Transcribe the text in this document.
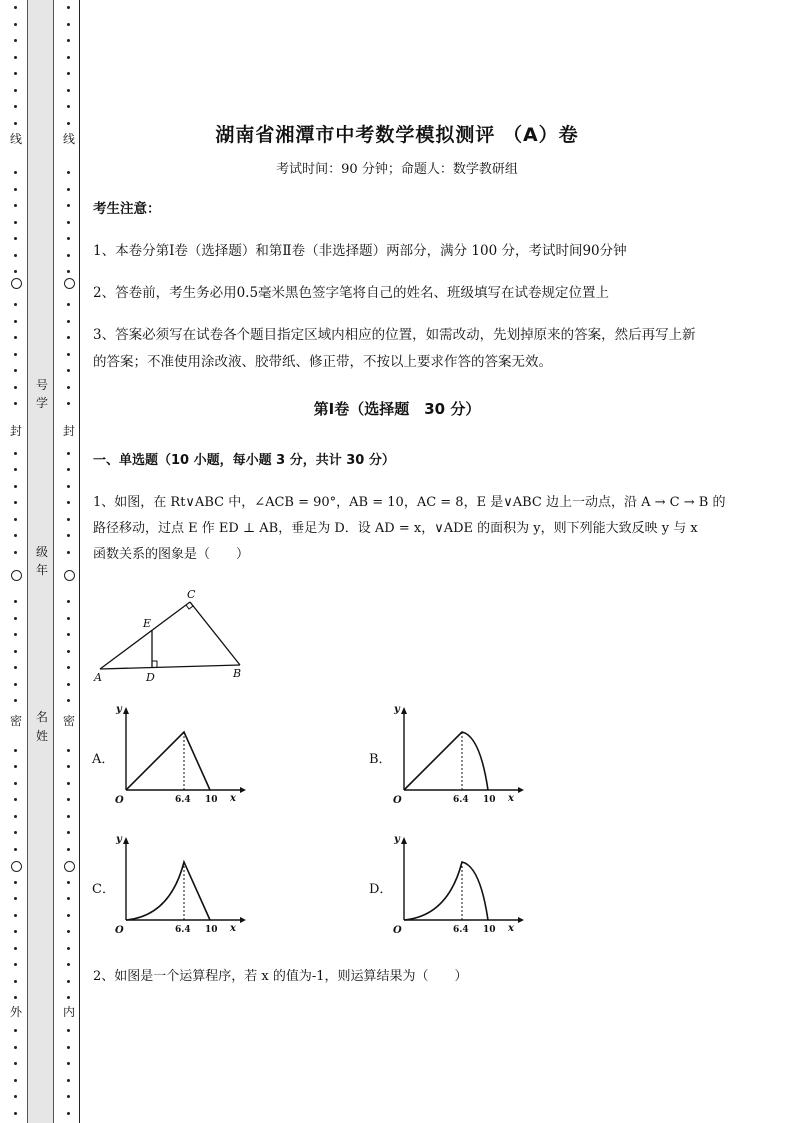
线
封
密
外
线
封
密
内
号
学
级
年
名
姓
湖南省湘潭市中考数学模拟测评 （A）卷
考试时间：90 分钟；命题人：数学教研组
考生注意：
1、本卷分第Ⅰ卷（选择题）和第Ⅱ卷（非选择题）两部分，满分 100 分，考试时间90分钟
2、答卷前，考生务必用0.5毫米黑色签字笔将自己的姓名、班级填写在试卷规定位置上
3、答案必须写在试卷各个题目指定区域内相应的位置，如需改动，先划掉原来的答案，然后再写上新
的答案；不准使用涂改液、胶带纸、修正带，不按以上要求作答的答案无效。
第Ⅰ卷（选择题　30 分）
一、单选题（10 小题，每小题 3 分，共计 30 分）
1、如图，在 Rt∨ABC 中，∠ACB = 90°，AB = 10，AC = 8，E 是∨ABC 边上一动点，沿 A → C → B 的
路径移动，过点 E 作 ED ⊥ AB，垂足为 D．设 AD = x，∨ADE 的面积为 y，则下列能大致反映 y 与 x
函数关系的图象是（　　）
A	B
C
D
E
A．	B．
C．	D．
y
O	6.4 10 x
y
O	6.4 10 x
y
O	6.4 10 x
y
O	6.4 10 x
2、如图是一个运算程序，若 x 的值为-1，则运算结果为（　　）
